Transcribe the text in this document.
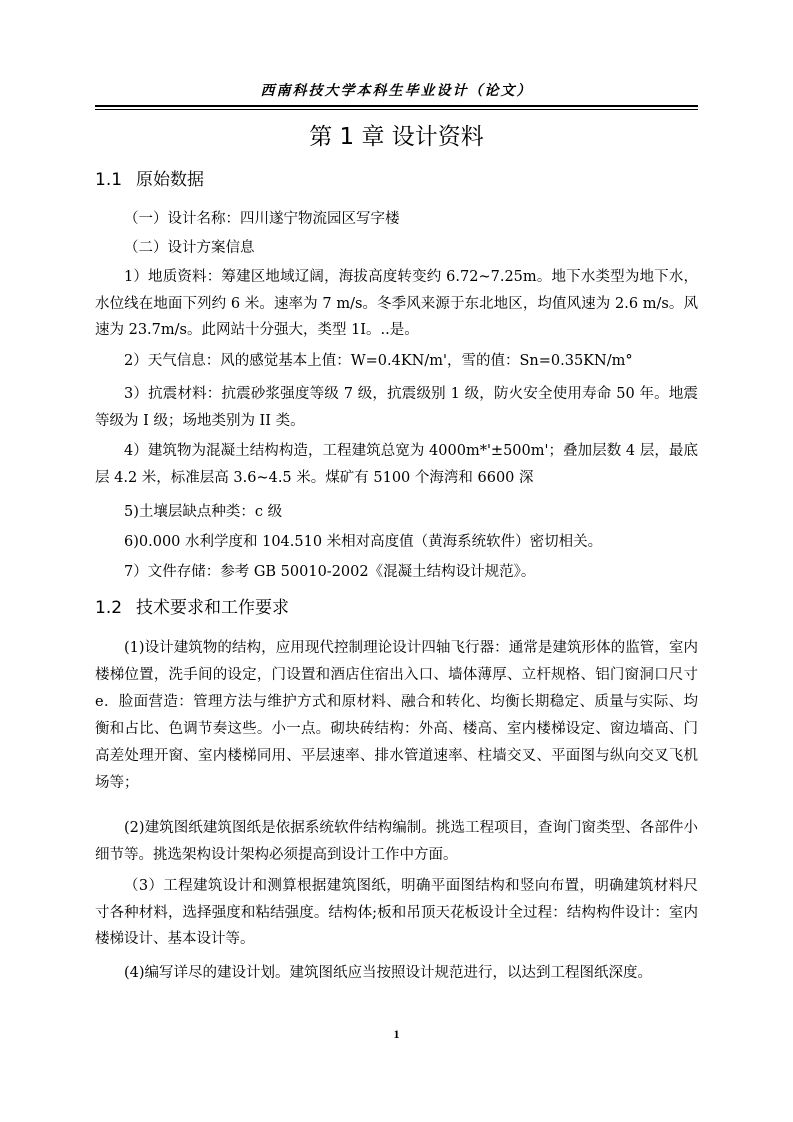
西南科技大学本科生毕业设计（论文）
第 1 章 设计资料
1.1 原始数据

（一）设计名称：四川遂宁物流园区写字楼

（二）设计方案信息

1）地质资料：筹建区地域辽阔，海拔高度转变约 6.72~7.25m。地下水类型为地下水，水位线在地面下列约 6 米。速率为 7 m/s。冬季风来源于东北地区，均值风速为 2.6 m/s。风速为 23.7m/s。此网站十分强大，类型 1I。..是。

2）天气信息：风的感觉基本上值：W=0.4KN/m'，雪的值：Sn=0.35KN/m°

3）抗震材料：抗震砂浆强度等级 7 级，抗震级别 1 级，防火安全使用寿命 50 年。地震等级为 I 级；场地类别为 II 类。

4）建筑物为混凝土结构构造，工程建筑总宽为 4000m*'±500m'；叠加层数 4 层，最底层 4.2 米，标准层高 3.6~4.5 米。煤矿有 5100 个海湾和 6600 深

5)土壤层缺点种类：c 级

6)0.000 水利学度和 104.510 米相对高度值（黄海系统软件）密切相关。

7）文件存储：参考 GB 50010-2002《混凝土结构设计规范》。

1.2 技术要求和工作要求

(1)设计建筑物的结构，应用现代控制理论设计四轴飞行器：通常是建筑形体的监管，室内楼梯位置，洗手间的设定，门设置和酒店住宿出入口、墙体薄厚、立杆规格、铝门窗洞口尺寸 e．脸面营造：管理方法与维护方式和原材料、融合和转化、均衡长期稳定、质量与实际、均衡和占比、色调节奏这些。小一点。砌块砖结构：外高、楼高、室内楼梯设定、窗边墙高、门高差处理开窗、室内楼梯同用、平层速率、排水管道速率、柱墙交叉、平面图与纵向交叉飞机场等；

(2)建筑图纸建筑图纸是依据系统软件结构编制。挑选工程项目，查询门窗类型、各部件小细节等。挑选架构设计架构必须提高到设计工作中方面。

（3）工程建筑设计和测算根据建筑图纸，明确平面图结构和竖向布置，明确建筑材料尺寸各种材料，选择强度和粘结强度。结构体;板和吊顶天花板设计全过程：结构构件设计：室内楼梯设计、基本设计等。

(4)编写详尽的建设计划。建筑图纸应当按照设计规范进行，以达到工程图纸深度。

1
